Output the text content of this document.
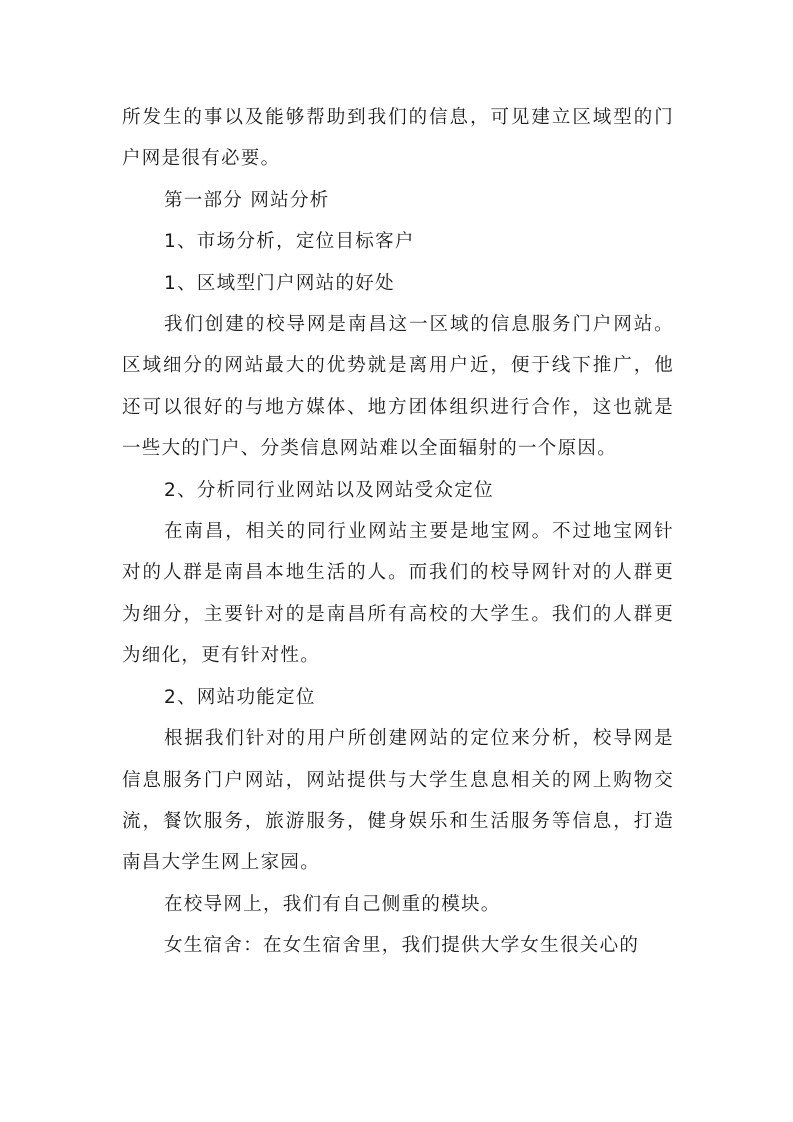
所发生的事以及能够帮助到我们的信息，可见建立区域型的门户网是很有必要。

第一部分 网站分析

1、市场分析，定位目标客户

1、区域型门户网站的好处

我们创建的校导网是南昌这一区域的信息服务门户网站。区域细分的网站最大的优势就是离用户近，便于线下推广，他还可以很好的与地方媒体、地方团体组织进行合作，这也就是一些大的门户、分类信息网站难以全面辐射的一个原因。

2、分析同行业网站以及网站受众定位

在南昌，相关的同行业网站主要是地宝网。不过地宝网针对的人群是南昌本地生活的人。而我们的校导网针对的人群更为细分，主要针对的是南昌所有高校的大学生。我们的人群更为细化，更有针对性。

2、网站功能定位

根据我们针对的用户所创建网站的定位来分析，校导网是信息服务门户网站，网站提供与大学生息息相关的网上购物交流，餐饮服务，旅游服务，健身娱乐和生活服务等信息，打造南昌大学生网上家园。

在校导网上，我们有自己侧重的模块。

女生宿舍：在女生宿舍里，我们提供大学女生很关心的
